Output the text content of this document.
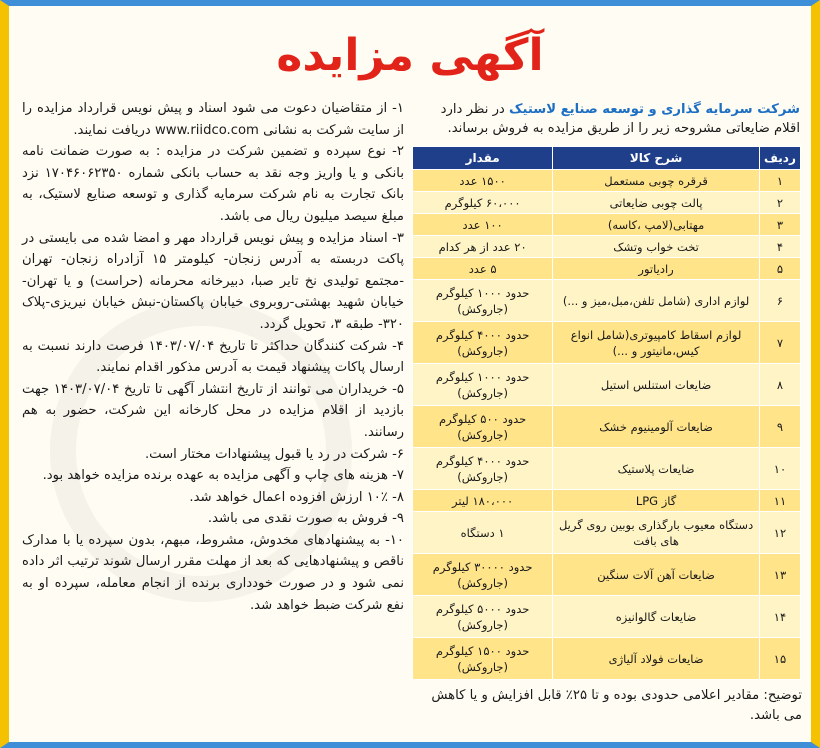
آگهی مزایده

۱- از متقاضیان دعوت می شود اسناد و پیش نویس قرارداد مزایده را از سایت شرکت به نشانی www.riidco.com دریافت نمایند.

۲- نوع سپرده و تضمین شرکت در مزایده : به صورت ضمانت نامه بانکی و یا واریز وجه نقد به حساب بانکی شماره ۱۷۰۴۶۰۶۲۳۵۰ نزد بانک تجارت به نام شرکت سرمایه گذاری و توسعه صنایع لاستیک، به مبلغ سیصد میلیون ریال می باشد.

۳- اسناد مزایده و پیش نویس قرارداد مهر و امضا شده می بایستی در پاکت دربسته به آدرس زنجان- کیلومتر ۱۵ آزادراه زنجان- تهران -مجتمع تولیدی نخ تایر صبا، دبیرخانه محرمانه (حراست) و یا تهران-خیابان شهید بهشتی-روبروی خیابان پاکستان-نبش خیابان نیریزی-پلاک ۳۲۰- طبقه ۳، تحویل گردد.

۴- شرکت کنندگان حداکثر تا تاریخ ۱۴۰۳/۰۷/۰۴ فرصت دارند نسبت به ارسال پاکات پیشنهاد قیمت به آدرس مذکور اقدام نمایند.

۵- خریداران می توانند از تاریخ انتشار آگهی تا تاریخ ۱۴۰۳/۰۷/۰۴ جهت بازدید از اقلام مزایده در محل کارخانه این شرکت، حضور به هم رسانند.

۶- شرکت در رد یا قبول پیشنهادات مختار است.

۷- هزینه های چاپ و آگهی مزایده به عهده برنده مزایده خواهد بود.

۸- ۱۰٪ ارزش افزوده اعمال خواهد شد.

۹- فروش به صورت نقدی می باشد.

۱۰- به پیشنهادهای مخدوش، مشروط، مبهم، بدون سپرده یا با مدارک ناقص و پیشنهادهایی که بعد از مهلت مقرر ارسال شوند ترتیب اثر داده نمی شود و در صورت خودداری برنده از انجام معامله، سپرده او به نفع شرکت ضبط خواهد شد.

شرکت سرمایه گذاری و توسعه صنایع لاستیک در نظر دارد اقلام ضایعاتی مشروحه زیر را از طریق مزایده به فروش برساند.
ردیف	شرح کالا	مقدار
۱	قرقره چوبی مستعمل	۱۵۰۰ عدد
۲	پالت چوبی ضایعاتی	۶۰،۰۰۰ کیلوگرم
۳	مهتابی(لامپ ،کاسه)	۱۰۰ عدد
۴	تخت خواب وتشک	۲۰ عدد از هر کدام
۵	رادیاتور	۵ عدد
۶	لوازم اداری (شامل تلفن،مبل،میز و ...)	حدود ۱۰۰۰ کیلوگرم (جاروکش)
۷	لوازم اسقاط کامپیوتری(شامل انواع کیس،مانیتور و ...)	حدود ۴۰۰۰ کیلوگرم (جاروکش)
۸	ضایعات استنلس استیل	حدود ۱۰۰۰ کیلوگرم (جاروکش)
۹	ضایعات آلومینیوم خشک	حدود ۵۰۰ کیلوگرم (جاروکش)
۱۰	ضایعات پلاستیک	حدود ۴۰۰۰ کیلوگرم (جاروکش)
۱۱	گاز LPG	۱۸۰،۰۰۰ لیتر
۱۲	دستگاه معیوب بارگذاری بوبین روی گریل های بافت	۱ دستگاه
۱۳	ضایعات آهن آلات سنگین	حدود ۳۰۰۰۰ کیلوگرم (جاروکش)
۱۴	ضایعات گالوانیزه	حدود ۵۰۰۰ کیلوگرم (جاروکش)
۱۵	ضایعات فولاد آلیاژی	حدود ۱۵۰۰ کیلوگرم (جاروکش)
توضیح: مقادیر اعلامی حدودی بوده و تا ۲۵٪ قابل افزایش و یا کاهش می باشد.
